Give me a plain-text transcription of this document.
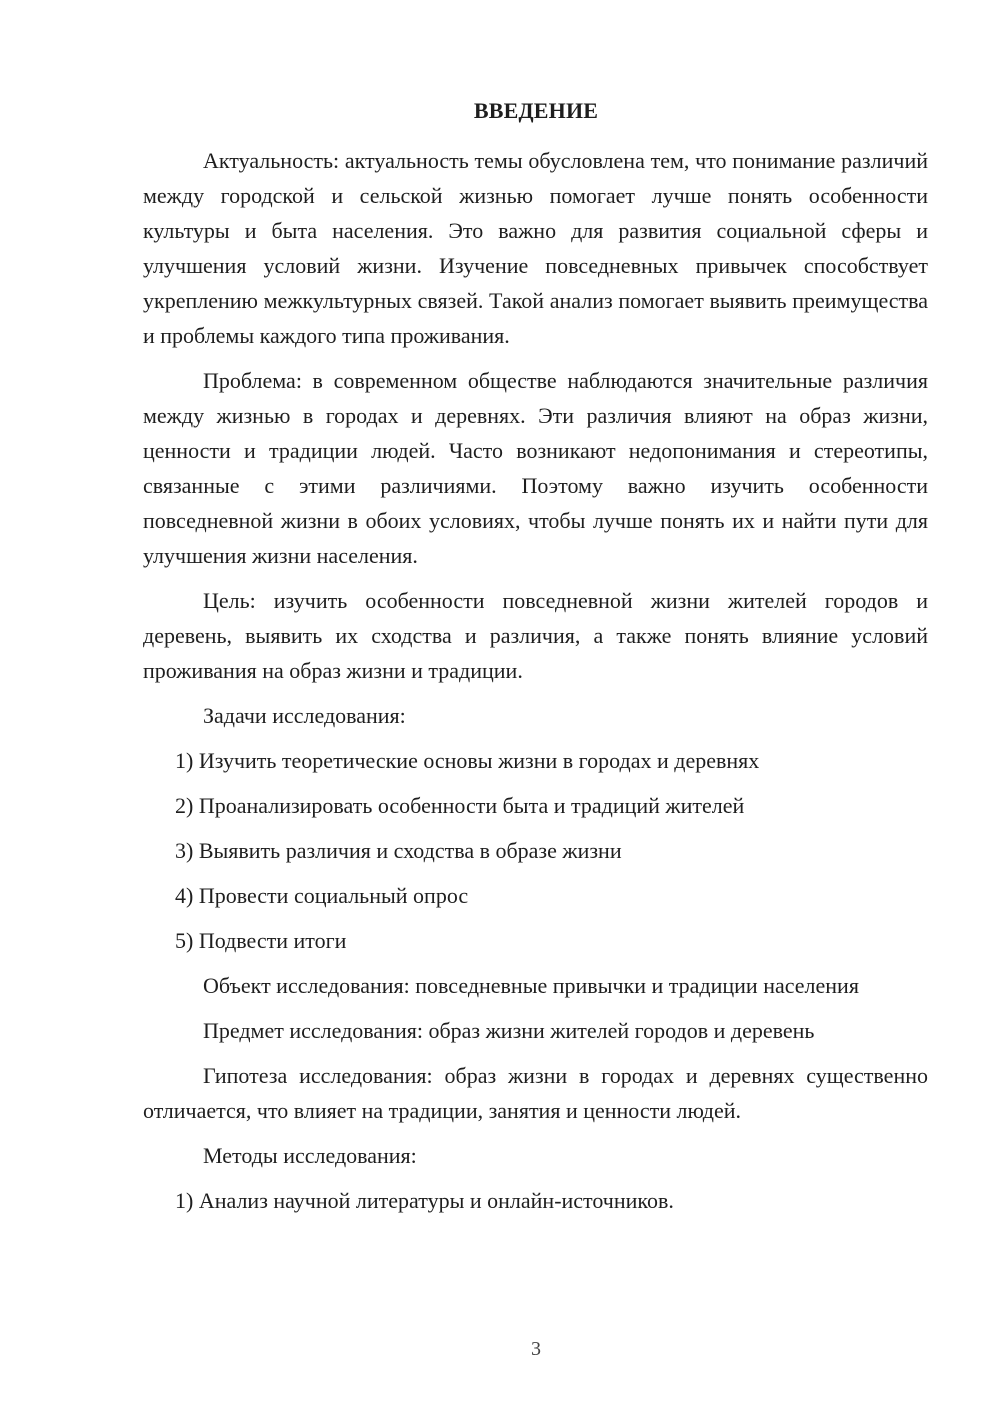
ВВЕДЕНИЕ

Актуальность: актуальность темы обусловлена тем, что понимание различий между городской и сельской жизнью помогает лучше понять особенности культуры и быта населения. Это важно для развития социальной сферы и улучшения условий жизни. Изучение повседневных привычек способствует укреплению межкультурных связей. Такой анализ помогает выявить преимущества и проблемы каждого типа проживания.

Проблема: в современном обществе наблюдаются значительные различия между жизнью в городах и деревнях. Эти различия влияют на образ жизни, ценности и традиции людей. Часто возникают недопонимания и стереотипы, связанные с этими различиями. Поэтому важно изучить особенности повседневной жизни в обоих условиях, чтобы лучше понять их и найти пути для улучшения жизни населения.

Цель: изучить особенности повседневной жизни жителей городов и деревень, выявить их сходства и различия, а также понять влияние условий проживания на образ жизни и традиции.

Задачи исследования:

1) Изучить теоретические основы жизни в городах и деревнях

2) Проанализировать особенности быта и традиций жителей

3) Выявить различия и сходства в образе жизни

4) Провести социальный опрос

5) Подвести итоги

Объект исследования: повседневные привычки и традиции населения

Предмет исследования: образ жизни жителей городов и деревень

Гипотеза исследования: образ жизни в городах и деревнях существенно отличается, что влияет на традиции, занятия и ценности людей.

Методы исследования:

1) Анализ научной литературы и онлайн-источников.

3
